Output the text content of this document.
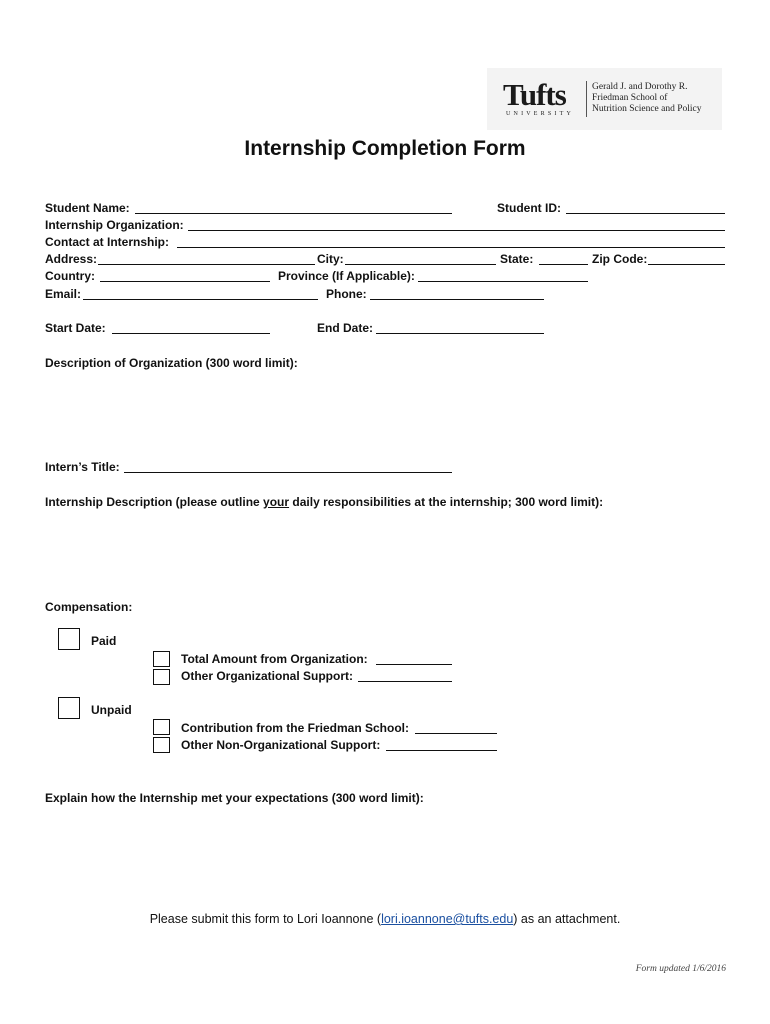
Tufts
UNIVERSITY
Gerald J. and Dorothy R.
Friedman School of
Nutrition Science and Policy
Internship Completion Form
Student Name:	Student ID:
Internship Organization:
Contact at Internship:
Address:	City:	State:	Zip Code:
Country:	Province (If Applicable):
Email:	Phone:
Start Date:	End Date:
Description of Organization (300 word limit):
Intern’s Title:
Internship Description (please outline your daily responsibilities at the internship; 300 word limit):
Compensation:
Paid
Total Amount from Organization:
Other Organizational Support:
Unpaid
Contribution from the Friedman School:
Other Non-Organizational Support:
Explain how the Internship met your expectations (300 word limit):
Please submit this form to Lori Ioannone (lori.ioannone@tufts.edu) as an attachment.
Form updated 1/6/2016
